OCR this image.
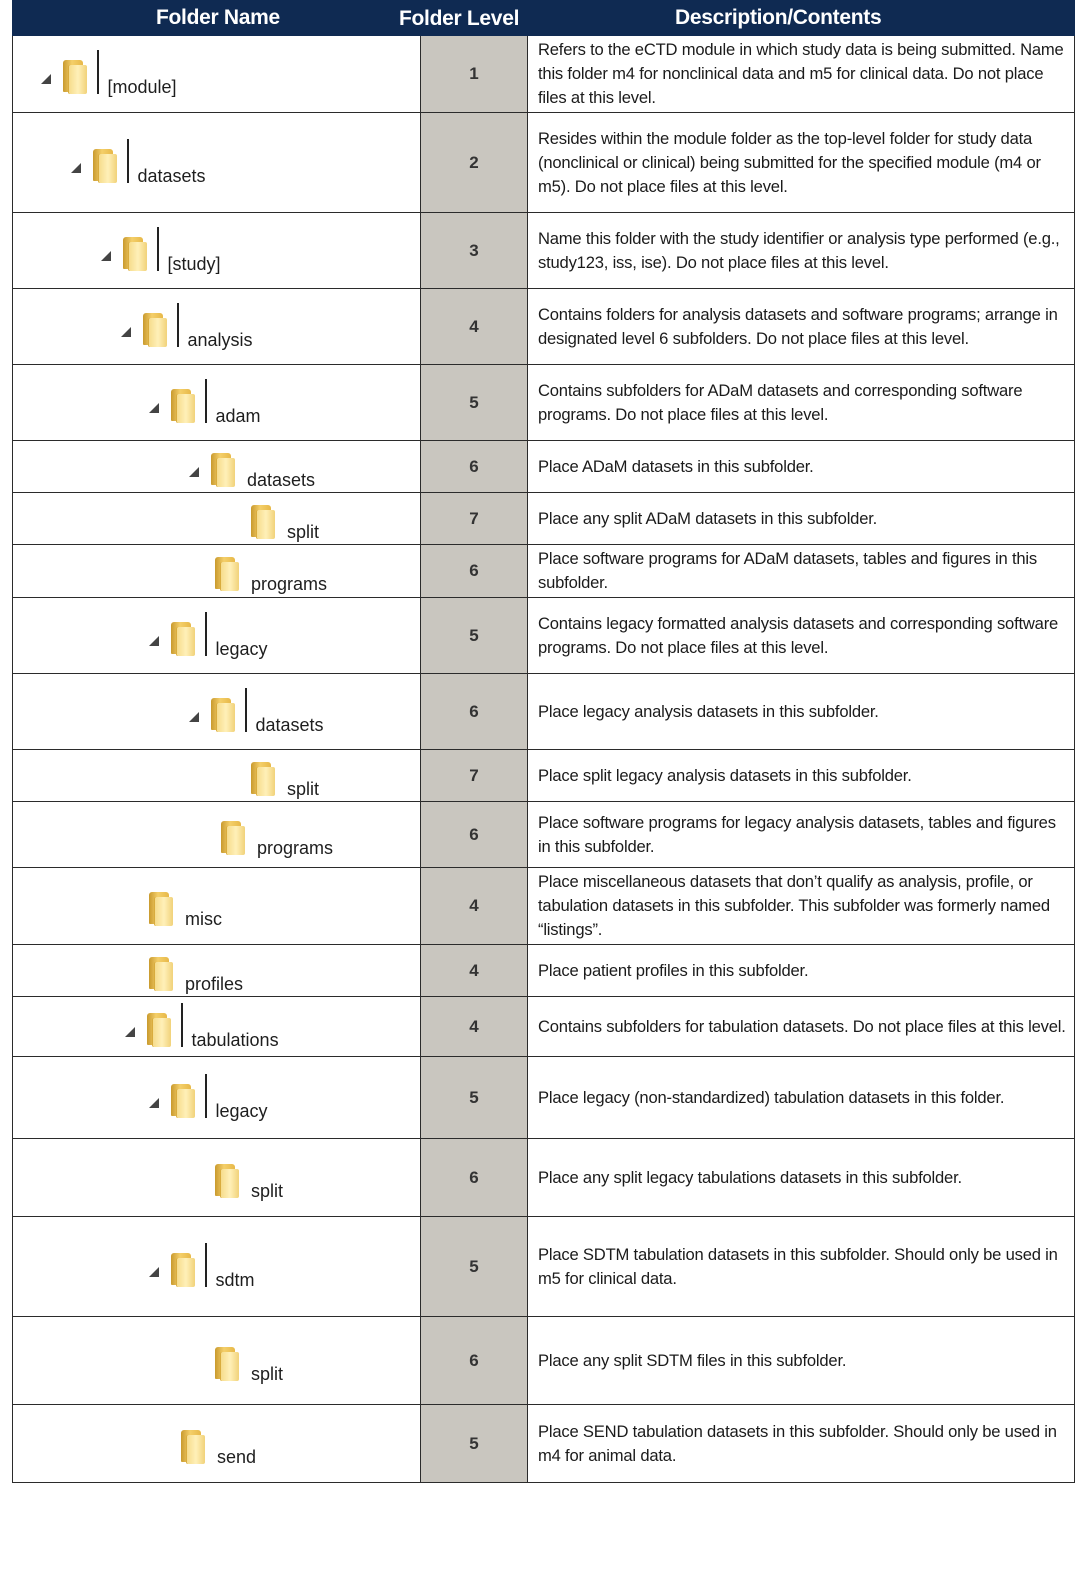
Folder Name	Folder Level	Description/Contents

[module]	1	Refers to the eCTD module in which study data is being submitted. Name this folder m4 for nonclinical data and m5 for clinical data. Do not place files at this level.

datasets	2	Resides within the module folder as the top-level folder for study data (nonclinical or clinical) being submitted for the specified module (m4 or m5). Do not place files at this level.

[study]	3	Name this folder with the study identifier or analysis type performed (e.g., study123, iss, ise). Do not place files at this level.

analysis	4	Contains folders for analysis datasets and software programs; arrange in designated level 6 subfolders. Do not place files at this level.

adam	5	Contains subfolders for ADaM datasets and corresponding software programs. Do not place files at this level.

datasets	6	Place ADaM datasets in this subfolder.

split	7	Place any split ADaM datasets in this subfolder.

programs	6	Place software programs for ADaM datasets, tables and figures in this subfolder.

legacy	5	Contains legacy formatted analysis datasets and corresponding software programs. Do not place files at this level.

datasets	6	Place legacy analysis datasets in this subfolder.

split	7	Place split legacy analysis datasets in this subfolder.

programs	6	Place software programs for legacy analysis datasets, tables and figures in this subfolder.

misc	4	Place miscellaneous datasets that don’t qualify as analysis, profile, or tabulation datasets in this subfolder. This subfolder was formerly named “listings”.

profiles	4	Place patient profiles in this subfolder.

tabulations	4	Contains subfolders for tabulation datasets. Do not place files at this level.

legacy	5	Place legacy (non-standardized) tabulation datasets in this folder.

split	6	Place any split legacy tabulations datasets in this subfolder.

sdtm	5	Place SDTM tabulation datasets in this subfolder. Should only be used in m5 for clinical data.

split	6	Place any split SDTM files in this subfolder.

send	5	Place SEND tabulation datasets in this subfolder. Should only be used in m4 for animal data.
